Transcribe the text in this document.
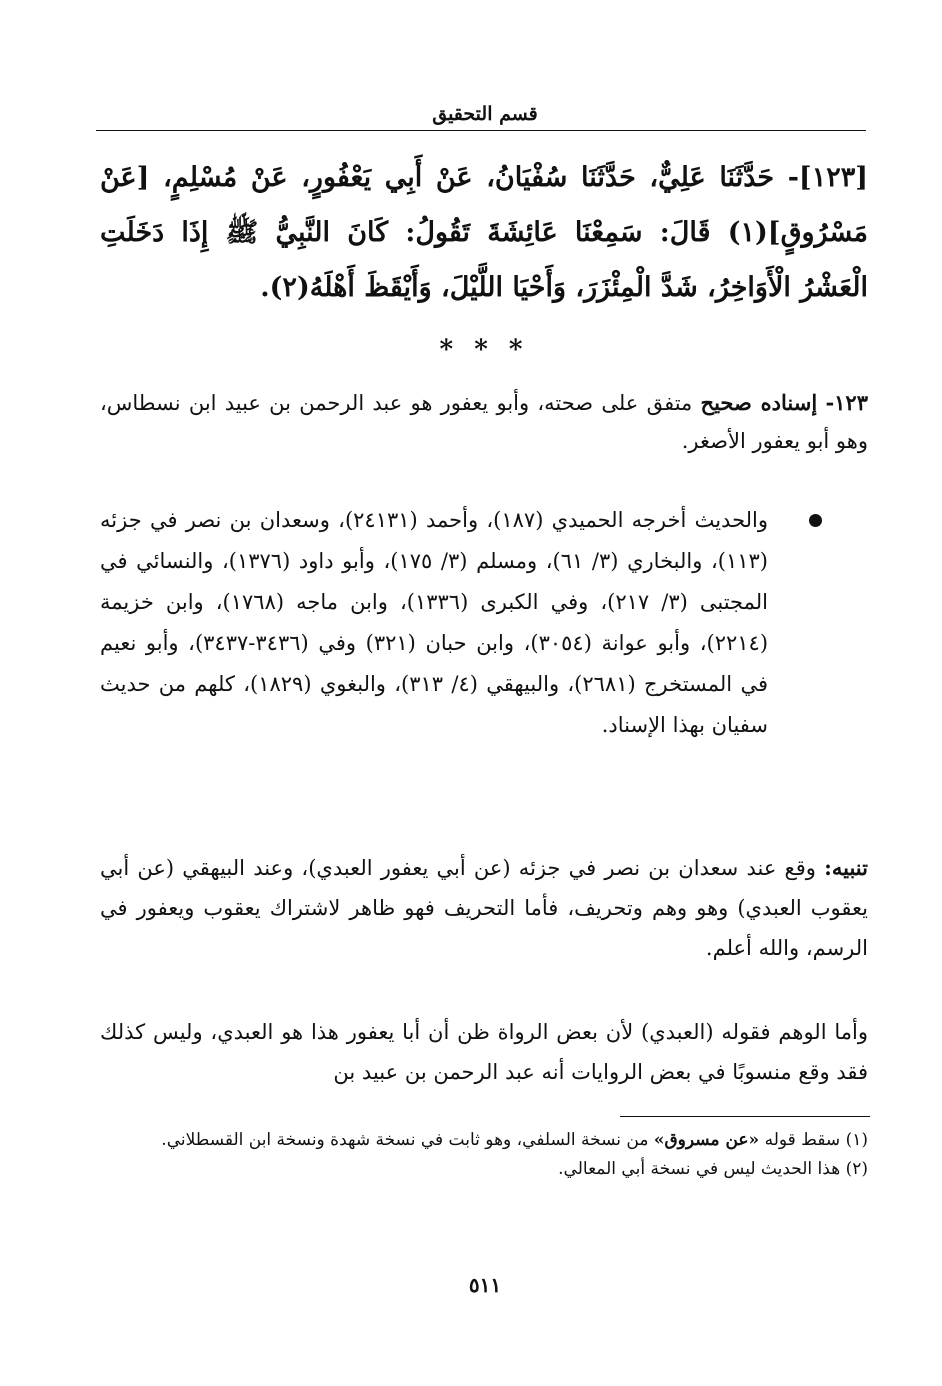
قسم التحقيق
[١٢٣]- حَدَّثَنَا عَلِيٌّ، حَدَّثَنَا سُفْيَانُ، عَنْ أَبِي يَعْفُورٍ، عَنْ مُسْلِمٍ، [عَنْ مَسْرُوقٍ](١) قَالَ: سَمِعْنَا عَائِشَةَ تَقُولُ: كَانَ النَّبِيُّ ﷺ إِذَا دَخَلَتِ الْعَشْرُ الْأَوَاخِرُ، شَدَّ الْمِئْزَرَ، وَأَحْيَا اللَّيْلَ، وَأَيْقَظَ أَهْلَهُ(٢).
* * *
١٢٣- إسناده صحيح متفق على صحته، وأبو يعفور هو عبد الرحمن بن عبيد ابن نسطاس، وهو أبو يعفور الأصغر.
والحديث أخرجه الحميدي (١٨٧)، وأحمد (٢٤١٣١)، وسعدان بن نصر في جزئه (١١٣)، والبخاري (٣/ ٦١)، ومسلم (٣/ ١٧٥)، وأبو داود (١٣٧٦)، والنسائي في المجتبى (٣/ ٢١٧)، وفي الكبرى (١٣٣٦)، وابن ماجه (١٧٦٨)، وابن خزيمة (٢٢١٤)، وأبو عوانة (٣٠٥٤)، وابن حبان (٣٢١) وفي (٣٤٣٦-٣٤٣٧)، وأبو نعيم في المستخرج (٢٦٨١)، والبيهقي (٤/ ٣١٣)، والبغوي (١٨٢٩)، كلهم من حديث سفيان بهذا الإسناد.
تنبيه: وقع عند سعدان بن نصر في جزئه (عن أبي يعفور العبدي)، وعند البيهقي (عن أبي يعقوب العبدي) وهو وهم وتحريف، فأما التحريف فهو ظاهر لاشتراك يعقوب ويعفور في الرسم، والله أعلم.
وأما الوهم فقوله (العبدي) لأن بعض الرواة ظن أن أبا يعفور هذا هو العبدي، وليس كذلك فقد وقع منسوبًا في بعض الروايات أنه عبد الرحمن بن عبيد بن

(١) سقط قوله «عن مسروق» من نسخة السلفي، وهو ثابت في نسخة شهدة ونسخة ابن القسطلاني.

(٢) هذا الحديث ليس في نسخة أبي المعالي.

٥١١
